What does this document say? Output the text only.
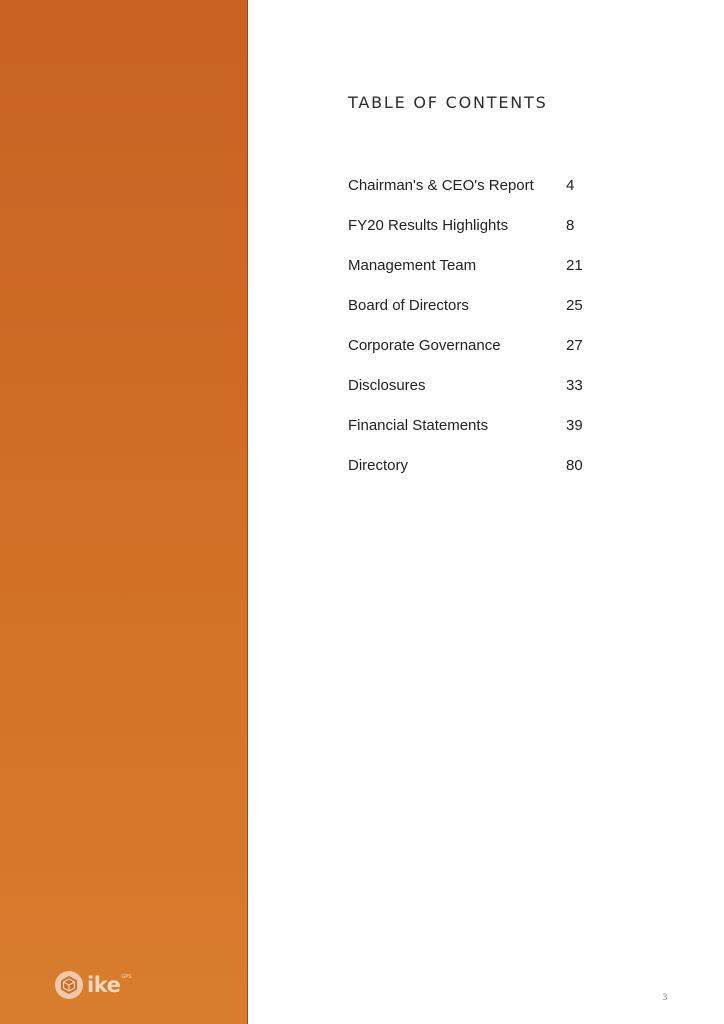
ike GPS
TABLE OF CONTENTS
Chairman's & CEO's Report	4
FY20 Results Highlights	8
Management Team	21
Board of Directors	25
Corporate Governance	27
Disclosures	33
Financial Statements	39
Directory	80
3
